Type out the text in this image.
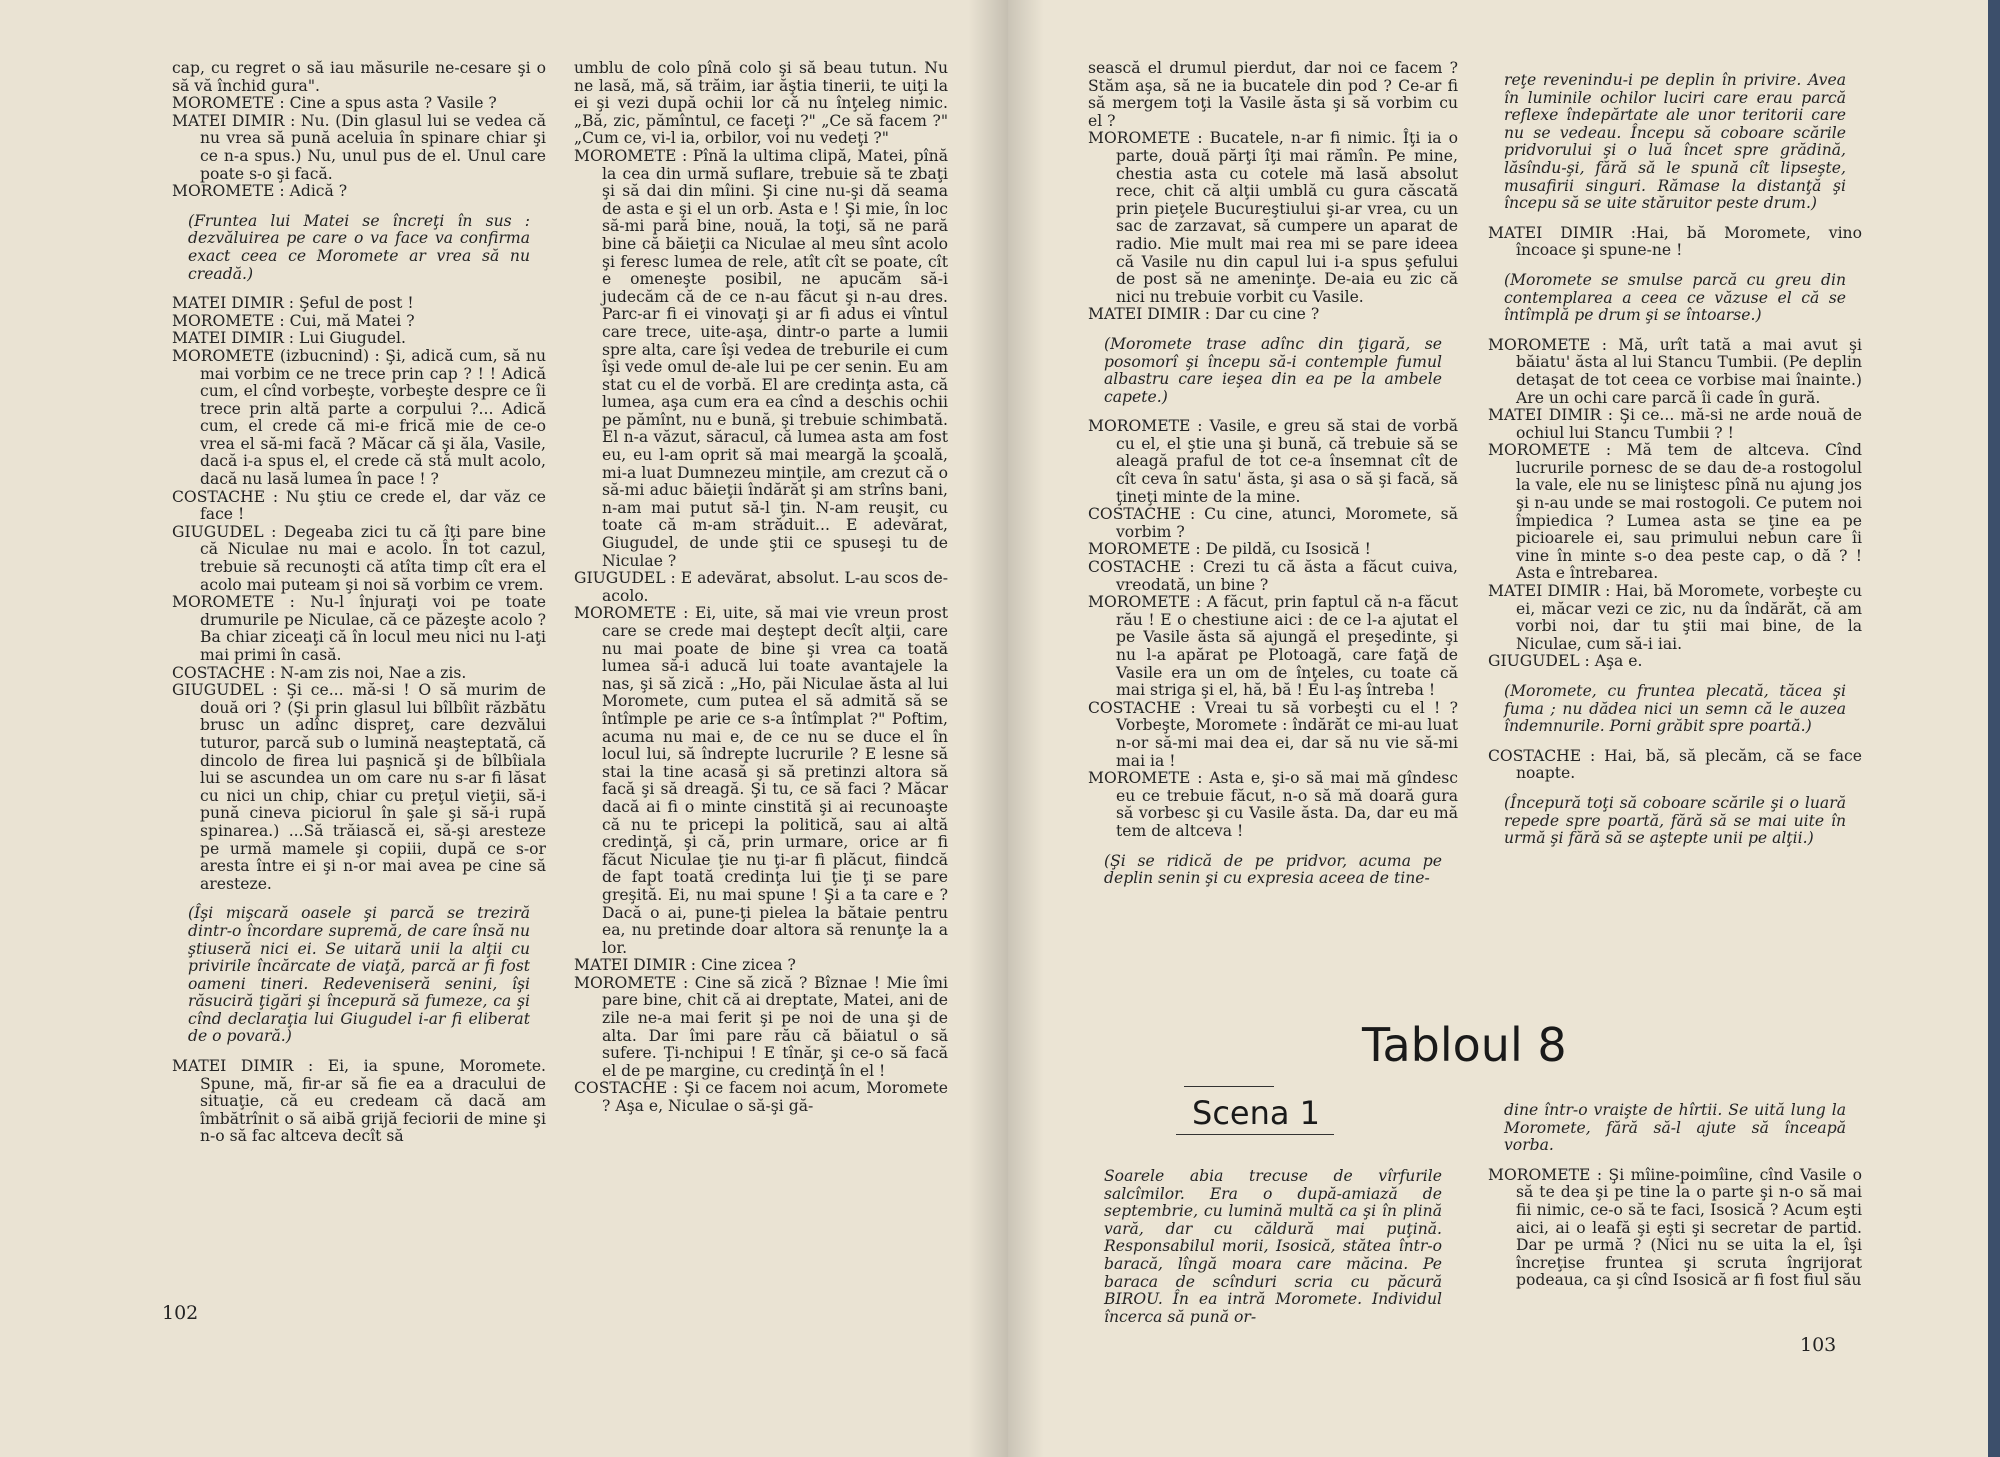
cap, cu regret o să iau măsurile ne-cesare şi o să vă închid gura".

MOROMETE : Cine a spus asta ? Vasile ?

MATEI DIMIR : Nu. (Din glasul lui se vedea că nu vrea să pună aceluia în spinare chiar şi ce n-a spus.) Nu, unul pus de el. Unul care poate s-o şi facă.

MOROMETE : Adică ?

(Fruntea lui Matei se încreţi în sus : dezvăluirea pe care o va face va confirma exact ceea ce Moromete ar vrea să nu creadă.)

MATEI DIMIR : Şeful de post !

MOROMETE : Cui, mă Matei ?

MATEI DIMIR : Lui Giugudel.

MOROMETE (izbucnind) : Şi, adică cum, să nu mai vorbim ce ne trece prin cap ? ! ! Adică cum, el cînd vorbeşte, vorbeşte despre ce îi trece prin altă parte a corpului ?... Adică cum, el crede că mi-e frică mie de ce-o vrea el să-mi facă ? Măcar că şi ăla, Vasile, dacă i-a spus el, el crede că stă mult acolo, dacă nu lasă lumea în pace ! ?

COSTACHE : Nu ştiu ce crede el, dar văz ce face !

GIUGUDEL : Degeaba zici tu că îţi pare bine că Niculae nu mai e acolo. În tot cazul, trebuie să recunoşti că atîta timp cît era el acolo mai puteam şi noi să vorbim ce vrem.

MOROMETE : Nu-l înjuraţi voi pe toate drumurile pe Niculae, că ce păzeşte acolo ? Ba chiar ziceaţi că în locul meu nici nu l-aţi mai primi în casă.

COSTACHE : N-am zis noi, Nae a zis.

GIUGUDEL : Şi ce... mă-si ! O să murim de două ori ? (Şi prin glasul lui bîlbîit răzbătu brusc un adînc dispreţ, care dezvălui tuturor, parcă sub o lumină neaşteptată, că dincolo de firea lui paşnică şi de bîlbîiala lui se ascundea un om care nu s-ar fi lăsat cu nici un chip, chiar cu preţul vieţii, să-i pună cineva piciorul în şale şi să-i rupă spinarea.) ...Să trăiască ei, să-şi aresteze pe urmă mamele şi copiii, după ce s-or aresta între ei şi n-or mai avea pe cine să aresteze.

(Îşi mişcară oasele şi parcă se treziră dintr-o încordare supremă, de care însă nu ştiuseră nici ei. Se uitară unii la alţii cu privirile încărcate de viaţă, parcă ar fi fost oameni tineri. Redeveniseră senini, îşi răsuciră ţigări şi începură să fumeze, ca şi cînd declaraţia lui Giugudel i-ar fi eliberat de o povară.)

MATEI DIMIR : Ei, ia spune, Moromete. Spune, mă, fir-ar să fie ea a dracului de situaţie, că eu credeam că dacă am îmbătrînit o să aibă grijă feciorii de mine şi n-o să fac altceva decît să

umblu de colo pînă colo şi să beau tutun. Nu ne lasă, mă, să trăim, iar ăştia tinerii, te uiţi la ei şi vezi după ochii lor că nu înţeleg nimic. „Bă, zic, pămîntul, ce faceţi ?" „Ce să facem ?" „Cum ce, vi-l ia, orbilor, voi nu vedeţi ?"

MOROMETE : Pînă la ultima clipă, Matei, pînă la cea din urmă suflare, trebuie să te zbaţi şi să dai din mîini. Şi cine nu-şi dă seama de asta e şi el un orb. Asta e ! Şi mie, în loc să-mi pară bine, nouă, la toţi, să ne pară bine că băieţii ca Niculae al meu sînt acolo şi feresc lumea de rele, atît cît se poate, cît e omeneşte posibil, ne apucăm să-i judecăm că de ce n-au făcut şi n-au dres. Parc-ar fi ei vinovaţi şi ar fi adus ei vîntul care trece, uite-aşa, dintr-o parte a lumii spre alta, care îşi vedea de treburile ei cum îşi vede omul de-ale lui pe cer senin. Eu am stat cu el de vorbă. El are credinţa asta, că lumea, aşa cum era ea cînd a deschis ochii pe pămînt, nu e bună, şi trebuie schimbată. El n-a văzut, săracul, că lumea asta am fost eu, eu l-am oprit să mai meargă la şcoală, mi-a luat Dumnezeu minţile, am crezut că o să-mi aduc băieţii îndărăt şi am strîns bani, n-am mai putut să-l ţin. N-am reuşit, cu toate că m-am străduit... E adevărat, Giugudel, de unde ştii ce spuseşi tu de Niculae ?

GIUGUDEL : E adevărat, absolut. L-au scos de-acolo.

MOROMETE : Ei, uite, să mai vie vreun prost care se crede mai deştept decît alţii, care nu mai poate de bine şi vrea ca toată lumea să-i aducă lui toate avantajele la nas, şi să zică : „Ho, păi Niculae ăsta al lui Moromete, cum putea el să admită să se întîmple pe arie ce s-a întîmplat ?" Poftim, acuma nu mai e, de ce nu se duce el în locul lui, să îndrepte lucrurile ? E lesne să stai la tine acasă şi să pretinzi altora să facă şi să dreagă. Şi tu, ce să faci ? Măcar dacă ai fi o minte cinstită şi ai recunoaşte că nu te pricepi la politică, sau ai altă credinţă, şi că, prin urmare, orice ar fi făcut Niculae ţie nu ţi-ar fi plăcut, fiindcă de fapt toată credinţa lui ţie ţi se pare greşită. Ei, nu mai spune ! Şi a ta care e ? Dacă o ai, pune-ţi pielea la bătaie pentru ea, nu pretinde doar altora să renunţe la a lor.

MATEI DIMIR : Cine zicea ?

MOROMETE : Cine să zică ? Bîznae ! Mie îmi pare bine, chit că ai dreptate, Matei, ani de zile ne-a mai ferit şi pe noi de una şi de alta. Dar îmi pare rău că băiatul o să sufere. Ţi-nchipui ! E tînăr, şi ce-o să facă el de pe margine, cu credinţă în el !

COSTACHE : Şi ce facem noi acum, Moromete ? Aşa e, Niculae o să-şi gă-

102

sească el drumul pierdut, dar noi ce facem ? Stăm aşa, să ne ia bucatele din pod ? Ce-ar fi să mergem toţi la Vasile ăsta şi să vorbim cu el ?

MOROMETE : Bucatele, n-ar fi nimic. Îţi ia o parte, două părţi îţi mai rămîn. Pe mine, chestia asta cu cotele mă lasă absolut rece, chit că alţii umblă cu gura căscată prin pieţele Bucureştiului şi-ar vrea, cu un sac de zarzavat, să cumpere un aparat de radio. Mie mult mai rea mi se pare ideea că Vasile nu din capul lui i-a spus şefului de post să ne ameninţe. De-aia eu zic că nici nu trebuie vorbit cu Vasile.

MATEI DIMIR : Dar cu cine ?

(Moromete trase adînc din ţigară, se posomorî şi începu să-i contemple fumul albastru care ieşea din ea pe la ambele capete.)

MOROMETE : Vasile, e greu să stai de vorbă cu el, el ştie una şi bună, că trebuie să se aleagă praful de tot ce-a însemnat cît de cît ceva în satu' ăsta, şi asa o să şi facă, să ţineţi minte de la mine.

COSTACHE : Cu cine, atunci, Moromete, să vorbim ?

MOROMETE : De pildă, cu Isosică !

COSTACHE : Crezi tu că ăsta a făcut cuiva, vreodată, un bine ?

MOROMETE : A făcut, prin faptul că n-a făcut rău ! E o chestiune aici : de ce l-a ajutat el pe Vasile ăsta să ajungă el preşedinte, şi nu l-a apărat pe Plotoagă, care faţă de Vasile era un om de înţeles, cu toate că mai striga şi el, hă, bă ! Eu l-aş întreba !

COSTACHE : Vreai tu să vorbeşti cu el ! ? Vorbeşte, Moromete : îndărăt ce mi-au luat n-or să-mi mai dea ei, dar să nu vie să-mi mai ia !

MOROMETE : Asta e, şi-o să mai mă gîndesc eu ce trebuie făcut, n-o să mă doară gura să vorbesc şi cu Vasile ăsta. Da, dar eu mă tem de altceva !

(Şi se ridică de pe pridvor, acuma pe deplin senin şi cu expresia aceea de tine-

reţe revenindu-i pe deplin în privire. Avea în luminile ochilor luciri care erau parcă reflexe îndepărtate ale unor teritorii care nu se vedeau. Începu să coboare scările pridvorului şi o luă încet spre grădină, lăsîndu-şi, fără să le spună cît lipseşte, musafirii singuri. Rămase la distanţă şi începu să se uite stăruitor peste drum.)

MATEI DIMIR :Hai, bă Moromete, vino încoace şi spune-ne !

(Moromete se smulse parcă cu greu din contemplarea a ceea ce văzuse el că se întîmplă pe drum şi se întoarse.)

MOROMETE : Mă, urît tată a mai avut şi băiatu' ăsta al lui Stancu Tumbii. (Pe deplin detaşat de tot ceea ce vorbise mai înainte.) Are un ochi care parcă îi cade în gură.

MATEI DIMIR : Şi ce... mă-si ne arde nouă de ochiul lui Stancu Tumbii ? !

MOROMETE : Mă tem de altceva. Cînd lucrurile pornesc de se dau de-a rostogolul la vale, ele nu se liniştesc pînă nu ajung jos şi n-au unde se mai rostogoli. Ce putem noi împiedica ? Lumea asta se ţine ea pe picioarele ei, sau primului nebun care îi vine în minte s-o dea peste cap, o dă ? ! Asta e întrebarea.

MATEI DIMIR : Hai, bă Moromete, vorbeşte cu ei, măcar vezi ce zic, nu da îndărăt, că am vorbi noi, dar tu ştii mai bine, de la Niculae, cum să-i iai.

GIUGUDEL : Aşa e.

(Moromete, cu fruntea plecată, tăcea şi fuma ; nu dădea nici un semn că le auzea îndemnurile. Porni grăbit spre poartă.)

COSTACHE : Hai, bă, să plecăm, că se face noapte.

(Începură toţi să coboare scările şi o luară repede spre poartă, fără să se mai uite în urmă şi fără să se aştepte unii pe alţii.)

Tabloul 8
Scena 1

Soarele abia trecuse de vîrfurile salcîmilor. Era o după-amiază de septembrie, cu lumină multă ca şi în plină vară, dar cu căldură mai puţină. Responsabilul morii, Isosică, stătea într-o baracă, lîngă moara care măcina. Pe baraca de scînduri scria cu păcură BIROU. În ea intră Moromete. Individul încerca să pună or-

dine într-o vraişte de hîrtii. Se uită lung la Moromete, fără să-l ajute să înceapă vorba.

MOROMETE : Şi mîine-poimîine, cînd Vasile o să te dea şi pe tine la o parte şi n-o să mai fii nimic, ce-o să te faci, Isosică ? Acum eşti aici, ai o leafă şi eşti şi secretar de partid. Dar pe urmă ? (Nici nu se uita la el, îşi încreţise fruntea şi scruta îngrijorat podeaua, ca şi cînd Isosică ar fi fost fiul său

103
